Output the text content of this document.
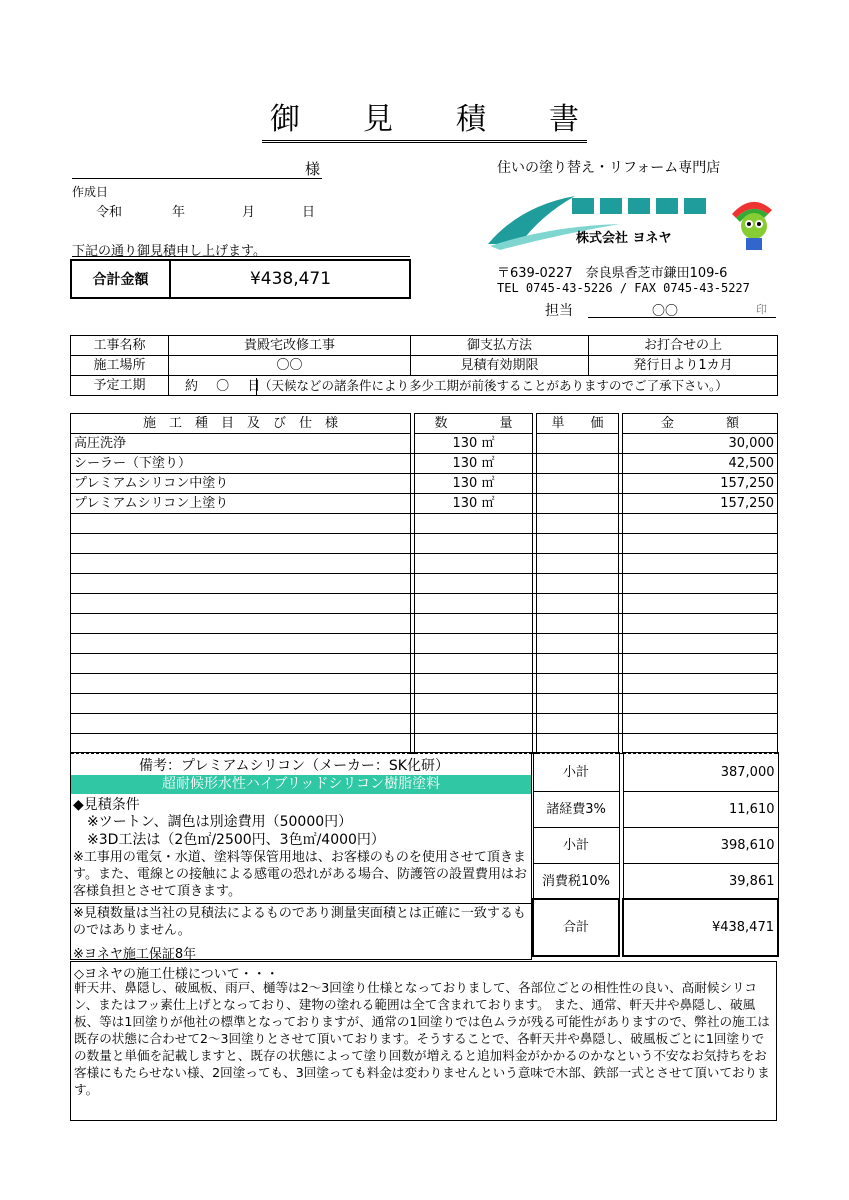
御 見 積 書
様
作成日
令和	年	月	日
下記の通り御見積申し上げます。
合計金額	¥438,471
住いの塗り替え・リフォーム専門店
株式会社 ヨネヤ
〒639-0227　奈良県香芝市鎌田109-6
TEL 0745-43-5226 / FAX 0745-43-5227
担当	〇〇	印
工事名称	貴殿宅改修工事	御支払方法	お打合せの上
施工場所	〇〇	見積有効期限	発行日より1カ月
予定工期	約 〇 日（天候などの諸条件により多少工期が前後することがありますのでご了承下さい。）		
施　工　種　目　及　び　仕　様		数　　　　量		単　　価		金　　　　額
高圧洗浄		130 ㎡				30,000
シーラー（下塗り）		130 ㎡				42,500
プレミアムシリコン中塗り		130 ㎡				157,250
プレミアムシリコン上塗り		130 ㎡				157,250

備考：プレミアムシリコン（メーカー：SK化研）
超耐候形水性ハイブリッドシリコン樹脂塗料
◆見積条件
※ツートン、調色は別途費用（50000円）
※3D工法は（2色㎡/2500円、3色㎡/4000円）
※工事用の電気・水道、塗料等保管用地は、お客様のものを使用させて頂きます。また、電線との接触による感電の恐れがある場合、防護管の設置費用はお客様負担とさせて頂きます。
※見積数量は当社の見積法によるものであり測量実面積とは正確に一致するものではありません。
※ヨネヤ施工保証8年
小計		387,000
諸経費3%		11,610
小計		398,610
消費税10%		39,861
合計		¥438,471
◇ヨネヤの施工仕様について・・・
軒天井、鼻隠し、破風板、雨戸、樋等は2～3回塗り仕様となっておりまして、各部位ごとの相性性の良い、高耐候シリコン、またはフッ素仕上げとなっており、建物の塗れる範囲は全て含まれております。 また、通常、軒天井や鼻隠し、破風板、等は1回塗りが他社の標準となっておりますが、通常の1回塗りでは色ムラが残る可能性がありますので、弊社の施工は既存の状態に合わせて2～3回塗りとさせて頂いております。そうすることで、各軒天井や鼻隠し、破風板ごとに1回塗りでの数量と単価を記載しますと、既存の状態によって塗り回数が増えると追加料金がかかるのかなという不安なお気持ちをお客様にもたらせない様、2回塗っても、3回塗っても料金は変わりませんという意味で木部、鉄部一式とさせて頂いております。
